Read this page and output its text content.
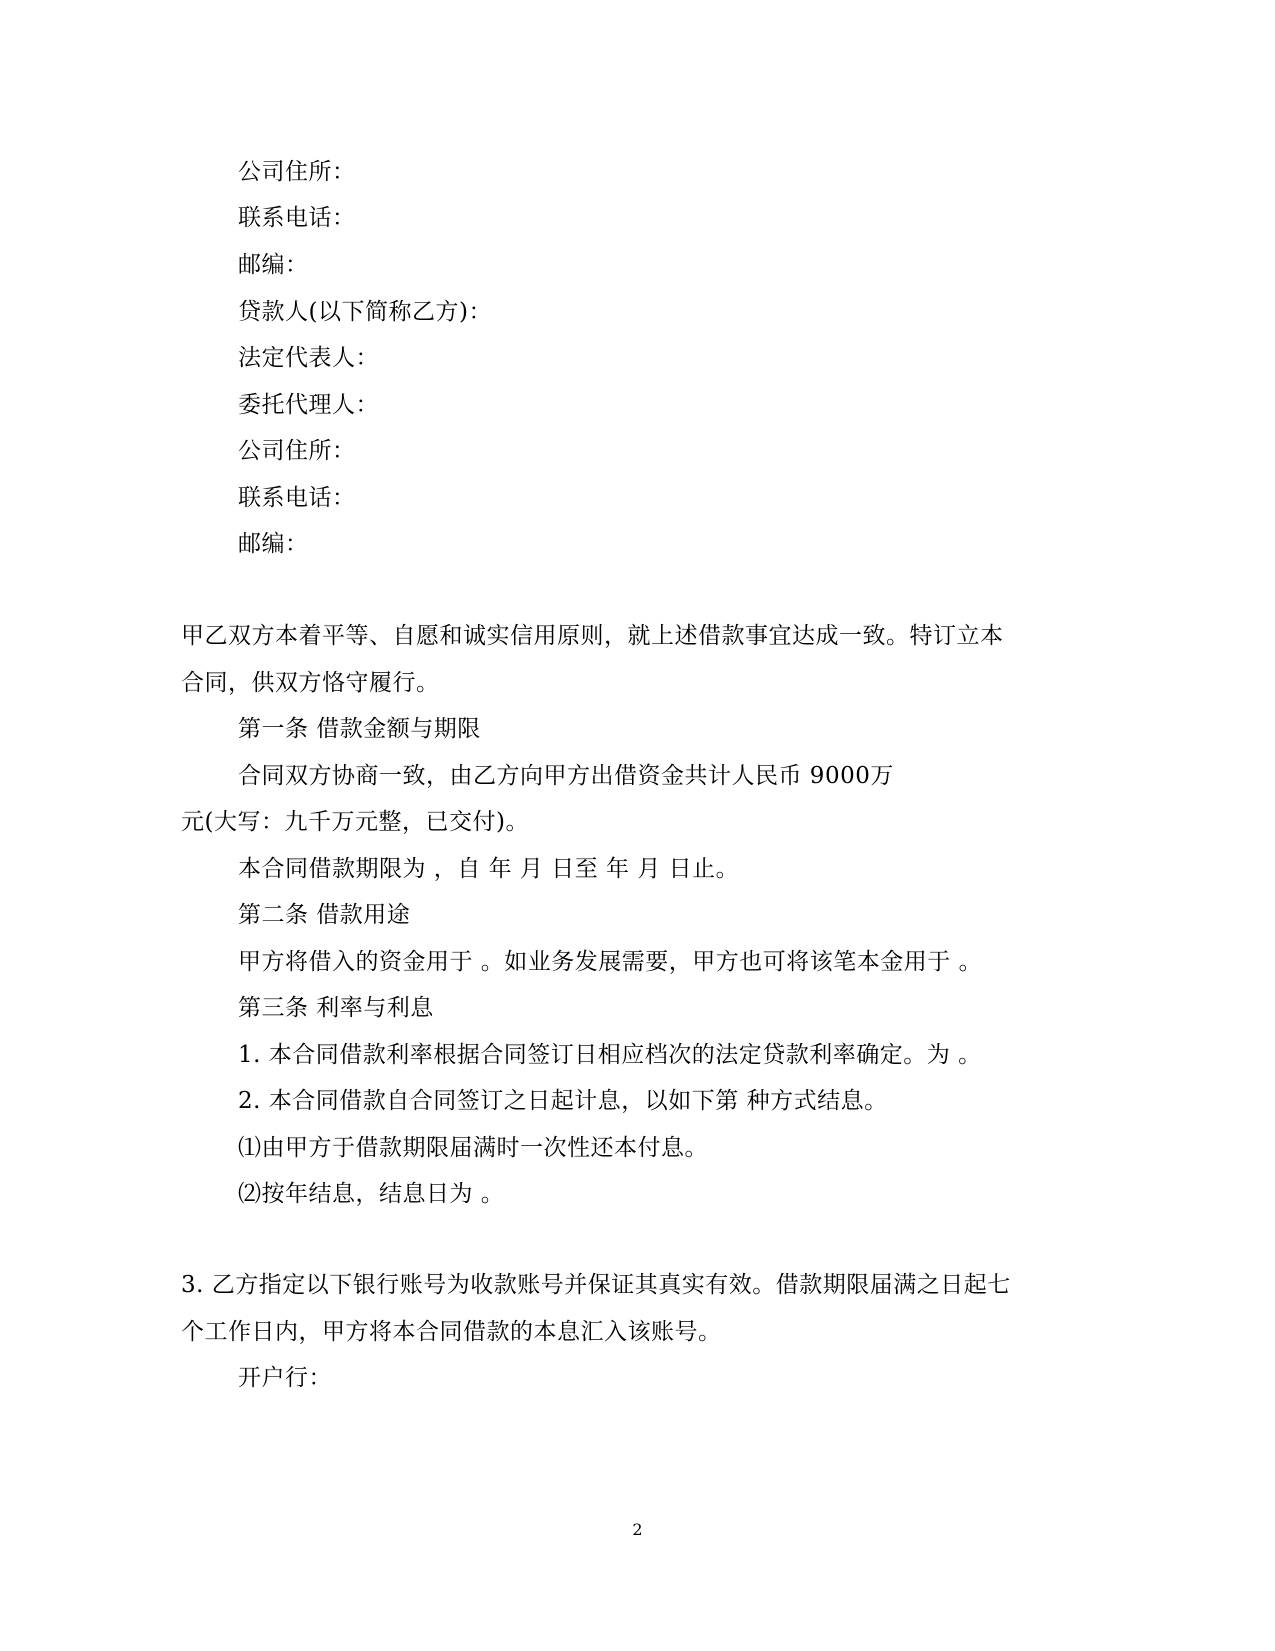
公司住所：
联系电话：
邮编：
贷款人(以下简称乙方)：
法定代表人：
委托代理人：
公司住所：
联系电话：
邮编：
甲乙双方本着平等、自愿和诚实信用原则，就上述借款事宜达成一致。特订立本
合同，供双方恪守履行。
第一条 借款金额与期限
合同双方协商一致，由乙方向甲方出借资金共计人民币 9000万
元(大写：九千万元整，已交付)。
本合同借款期限为 ，自 年 月 日至 年 月 日止。
第二条 借款用途
甲方将借入的资金用于 。如业务发展需要，甲方也可将该笔本金用于 。
第三条 利率与利息
1. 本合同借款利率根据合同签订日相应档次的法定贷款利率确定。为 。
2. 本合同借款自合同签订之日起计息，以如下第 种方式结息。
⑴由甲方于借款期限届满时一次性还本付息。
⑵按年结息，结息日为 。
3. 乙方指定以下银行账号为收款账号并保证其真实有效。借款期限届满之日起七
个工作日内，甲方将本合同借款的本息汇入该账号。
开户行：
2
